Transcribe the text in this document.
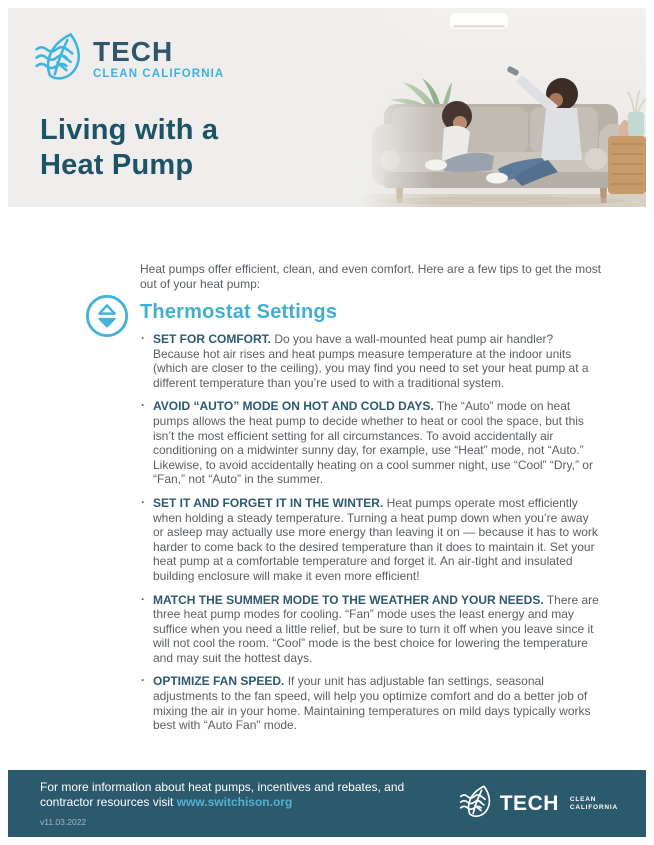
TECH
CLEAN CALIFORNIA
Living with a
Heat Pump

Heat pumps offer efficient, clean, and even comfort. Here are a few tips to get the most out of your heat pump:

Thermostat Settings
· SET FOR COMFORT. Do you have a wall-mounted heat pump air handler? Because hot air rises and heat pumps measure temperature at the indoor units (which are closer to the ceiling), you may find you need to set your heat pump at a different temperature than you’re used to with a traditional system.
· AVOID “AUTO” MODE ON HOT AND COLD DAYS. The “Auto” mode on heat pumps allows the heat pump to decide whether to heat or cool the space, but this isn’t the most efficient setting for all circumstances. To avoid accidentally air conditioning on a midwinter sunny day, for example, use “Heat” mode, not “Auto.” Likewise, to avoid accidentally heating on a cool summer night, use “Cool” “Dry,” or “Fan,” not “Auto” in the summer.
· SET IT AND FORGET IT IN THE WINTER. Heat pumps operate most efficiently when holding a steady temperature. Turning a heat pump down when you’re away or asleep may actually use more energy than leaving it on — because it has to work harder to come back to the desired temperature than it does to maintain it. Set your heat pump at a comfortable temperature and forget it. An air-tight and insulated building enclosure will make it even more efficient!
· MATCH THE SUMMER MODE TO THE WEATHER AND YOUR NEEDS. There are three heat pump modes for cooling. “Fan” mode uses the least energy and may suffice when you need a little relief, but be sure to turn it off when you leave since it will not cool the room. “Cool” mode is the best choice for lowering the temperature and may suit the hottest days.
· OPTIMIZE FAN SPEED. If your unit has adjustable fan settings, seasonal adjustments to the fan speed, will help you optimize comfort and do a better job of mixing the air in your home. Maintaining temperatures on mild days typically works best with “Auto Fan” mode.
For more information about heat pumps, incentives and rebates, and contractor resources visit www.switchison.org
v11.03.2022
TECH CLEAN
CALIFORNIA
